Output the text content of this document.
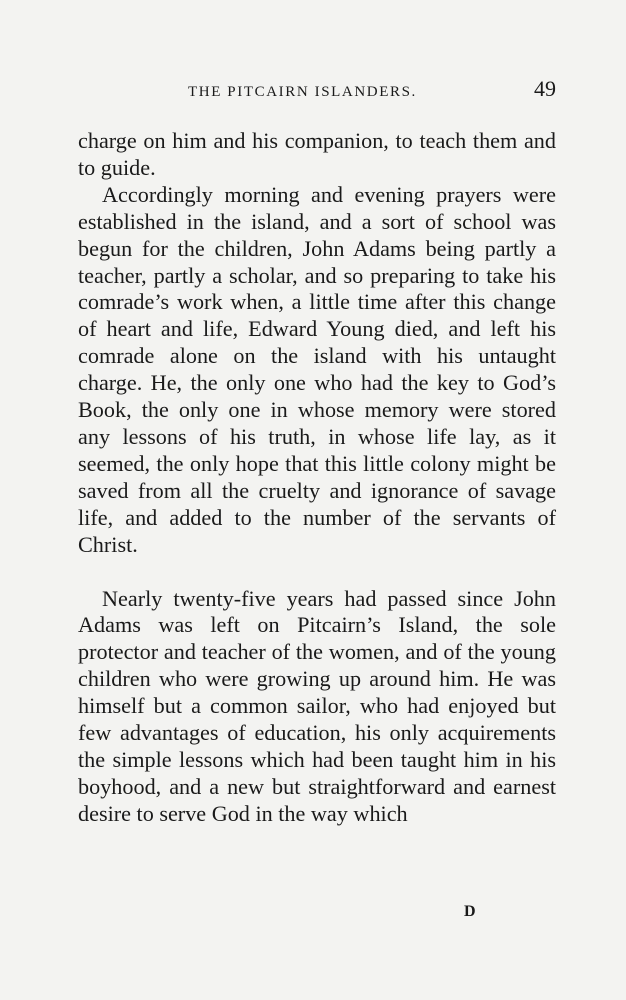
THE PITCAIRN ISLANDERS.	49

charge on him and his companion, to teach them and to guide.

Accordingly morning and evening prayers were established in the island, and a sort of school was begun for the children, John Adams being partly a teacher, partly a scholar, and so preparing to take his comrade’s work when, a little time after this change of heart and life, Edward Young died, and left his comrade alone on the island with his untaught charge. He, the only one who had the key to God’s Book, the only one in whose memory were stored any lessons of his truth, in whose life lay, as it seemed, the only hope that this little colony might be saved from all the cruelty and ignorance of savage life, and added to the number of the servants of Christ.

Nearly twenty-five years had passed since John Adams was left on Pitcairn’s Island, the sole protector and teacher of the women, and of the young children who were growing up around him. He was himself but a common sailor, who had enjoyed but few advantages of education, his only acquirements the simple lessons which had been taught him in his boyhood, and a new but straightforward and earnest desire to serve God in the way which

D
